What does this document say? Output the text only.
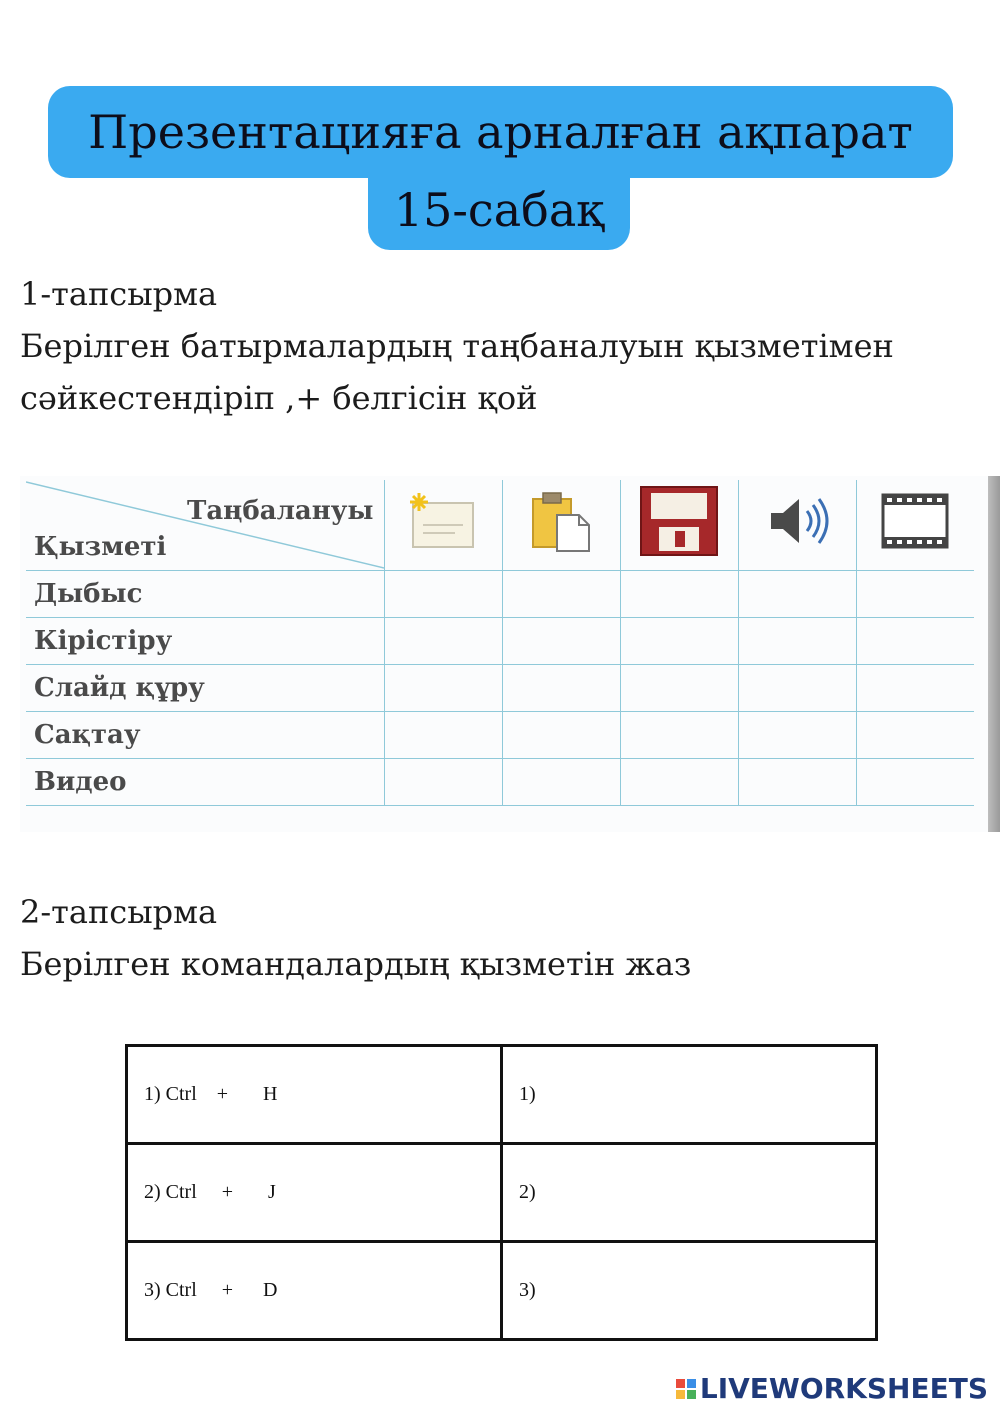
Презентацияға арналған ақпарат
15-сабақ
1-тапсырма
Берілген батырмалардың таңбаналуын қызметімен
сәйкестендіріп ,+ белгісін қой
Таңбалануы
Қызметі

Дыбыс					
Кірістіру					
Слайд құру					
Сақтау					
Видео					
2-тапсырма
Берілген командалардың қызметін жаз
1) Ctrl    +       H	1)
2) Ctrl     +       J	2)
3) Ctrl     +      D	3)
LIVEWORKSHEETS
